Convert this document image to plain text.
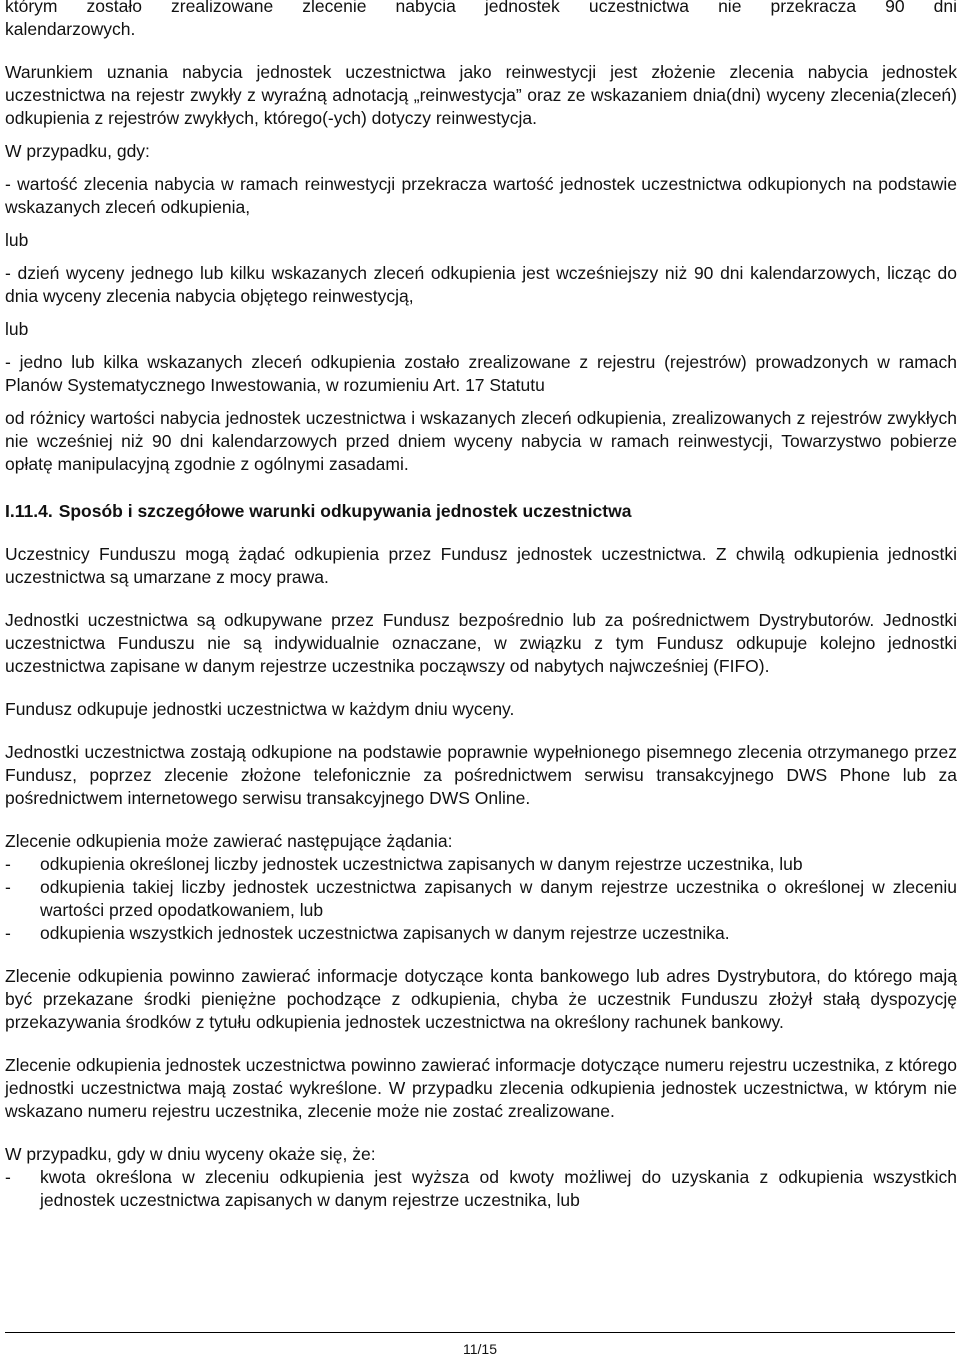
którym zostało zrealizowane zlecenie nabycia jednostek uczestnictwa nie przekracza 90 dni

kalendarzowych.

Warunkiem uznania nabycia jednostek uczestnictwa jako reinwestycji jest złożenie zlecenia nabycia jednostek uczestnictwa na rejestr zwykły z wyraźną adnotacją „reinwestycja” oraz ze wskazaniem dnia(dni) wyceny zlecenia(zleceń) odkupienia z rejestrów zwykłych, którego(-ych) dotyczy reinwestycja.

W przypadku, gdy:

- wartość zlecenia nabycia w ramach reinwestycji przekracza wartość jednostek uczestnictwa odkupionych na podstawie wskazanych zleceń odkupienia,

lub

- dzień wyceny jednego lub kilku wskazanych zleceń odkupienia jest wcześniejszy niż 90 dni kalendarzowych, licząc do dnia wyceny zlecenia nabycia objętego reinwestycją,

lub

- jedno lub kilka wskazanych zleceń odkupienia zostało zrealizowane z rejestru (rejestrów) prowadzonych w ramach Planów Systematycznego Inwestowania, w rozumieniu Art. 17 Statutu

od różnicy wartości nabycia jednostek uczestnictwa i wskazanych zleceń odkupienia, zrealizowanych z rejestrów zwykłych nie wcześniej niż 90 dni kalendarzowych przed dniem wyceny nabycia w ramach reinwestycji, Towarzystwo pobierze opłatę manipulacyjną zgodnie z ogólnymi zasadami.

I.11.4. Sposób i szczegółowe warunki odkupywania jednostek uczestnictwa

Uczestnicy Funduszu mogą żądać odkupienia przez Fundusz jednostek uczestnictwa. Z chwilą odkupienia jednostki uczestnictwa są umarzane z mocy prawa.

Jednostki uczestnictwa są odkupywane przez Fundusz bezpośrednio lub za pośrednictwem Dystrybutorów. Jednostki uczestnictwa Funduszu nie są indywidualnie oznaczane, w związku z tym Fundusz odkupuje kolejno jednostki uczestnictwa zapisane w danym rejestrze uczestnika począwszy od nabytych najwcześniej (FIFO).

Fundusz odkupuje jednostki uczestnictwa w każdym dniu wyceny.

Jednostki uczestnictwa zostają odkupione na podstawie poprawnie wypełnionego pisemnego zlecenia otrzymanego przez Fundusz, poprzez zlecenie złożone telefonicznie za pośrednictwem serwisu transakcyjnego DWS Phone lub za pośrednictwem internetowego serwisu transakcyjnego DWS Online.

Zlecenie odkupienia może zawierać następujące żądania:

- odkupienia określonej liczby jednostek uczestnictwa zapisanych w danym rejestrze uczestnika, lub
- odkupienia takiej liczby jednostek uczestnictwa zapisanych w danym rejestrze uczestnika o określonej w zleceniu wartości przed opodatkowaniem, lub
- odkupienia wszystkich jednostek uczestnictwa zapisanych w danym rejestrze uczestnika.

Zlecenie odkupienia powinno zawierać informacje dotyczące konta bankowego lub adres Dystrybutora, do którego mają być przekazane środki pieniężne pochodzące z odkupienia, chyba że uczestnik Funduszu złożył stałą dyspozycję przekazywania środków z tytułu odkupienia jednostek uczestnictwa na określony rachunek bankowy.

Zlecenie odkupienia jednostek uczestnictwa powinno zawierać informacje dotyczące numeru rejestru uczestnika, z którego jednostki uczestnictwa mają zostać wykreślone. W przypadku zlecenia odkupienia jednostek uczestnictwa, w którym nie wskazano numeru rejestru uczestnika, zlecenie może nie zostać zrealizowane.

W przypadku, gdy w dniu wyceny okaże się, że:

- kwota określona w zleceniu odkupienia jest wyższa od kwoty możliwej do uzyskania z odkupienia wszystkich jednostek uczestnictwa zapisanych w danym rejestrze uczestnika, lub
11/15
